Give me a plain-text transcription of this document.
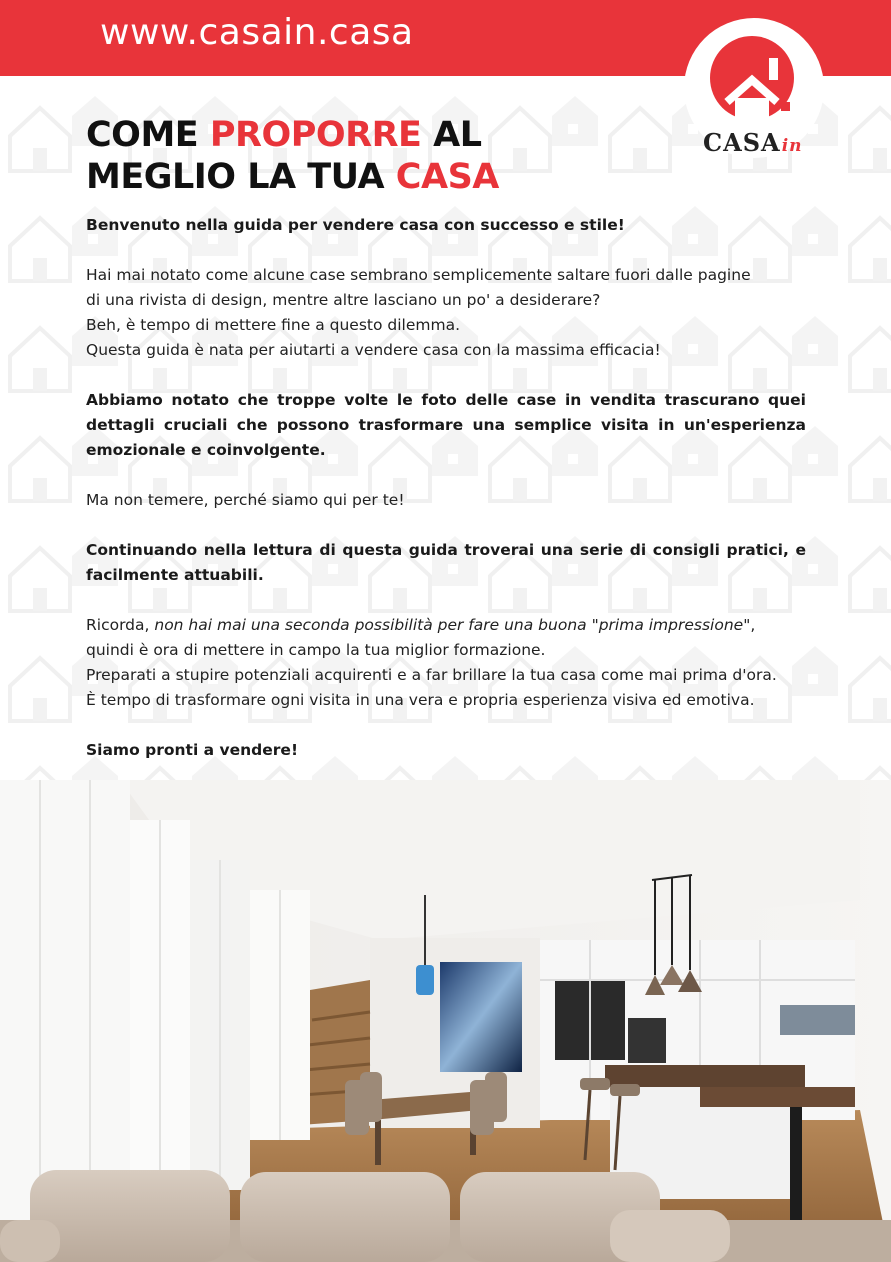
www.casain.casa
CASAin
COME PROPORRE AL
MEGLIO LA TUA CASA

Benvenuto nella guida per vendere casa con successo e stile!

Hai mai notato come alcune case sembrano semplicemente saltare fuori dalle pagine
di una rivista di design, mentre altre lasciano un po' a desiderare?
Beh, è tempo di mettere fine a questo dilemma.
Questa guida è nata per aiutarti a vendere casa con la massima efficacia!

Abbiamo notato che troppe volte le foto delle case in vendita trascurano quei dettagli cruciali che possono trasformare una semplice visita in un'esperienza emozionale e coinvolgente.

Ma non temere, perché siamo qui per te!

Continuando nella lettura di questa guida troverai una serie di consigli pratici, e facilmente attuabili.

Ricorda, non hai mai una seconda possibilità per fare una buona "prima impressione",
quindi è ora di mettere in campo la tua miglior formazione.
Preparati a stupire potenziali acquirenti e a far brillare la tua casa come mai prima d'ora.
È tempo di trasformare ogni visita in una vera e propria esperienza visiva ed emotiva.

Siamo pronti a vendere!
